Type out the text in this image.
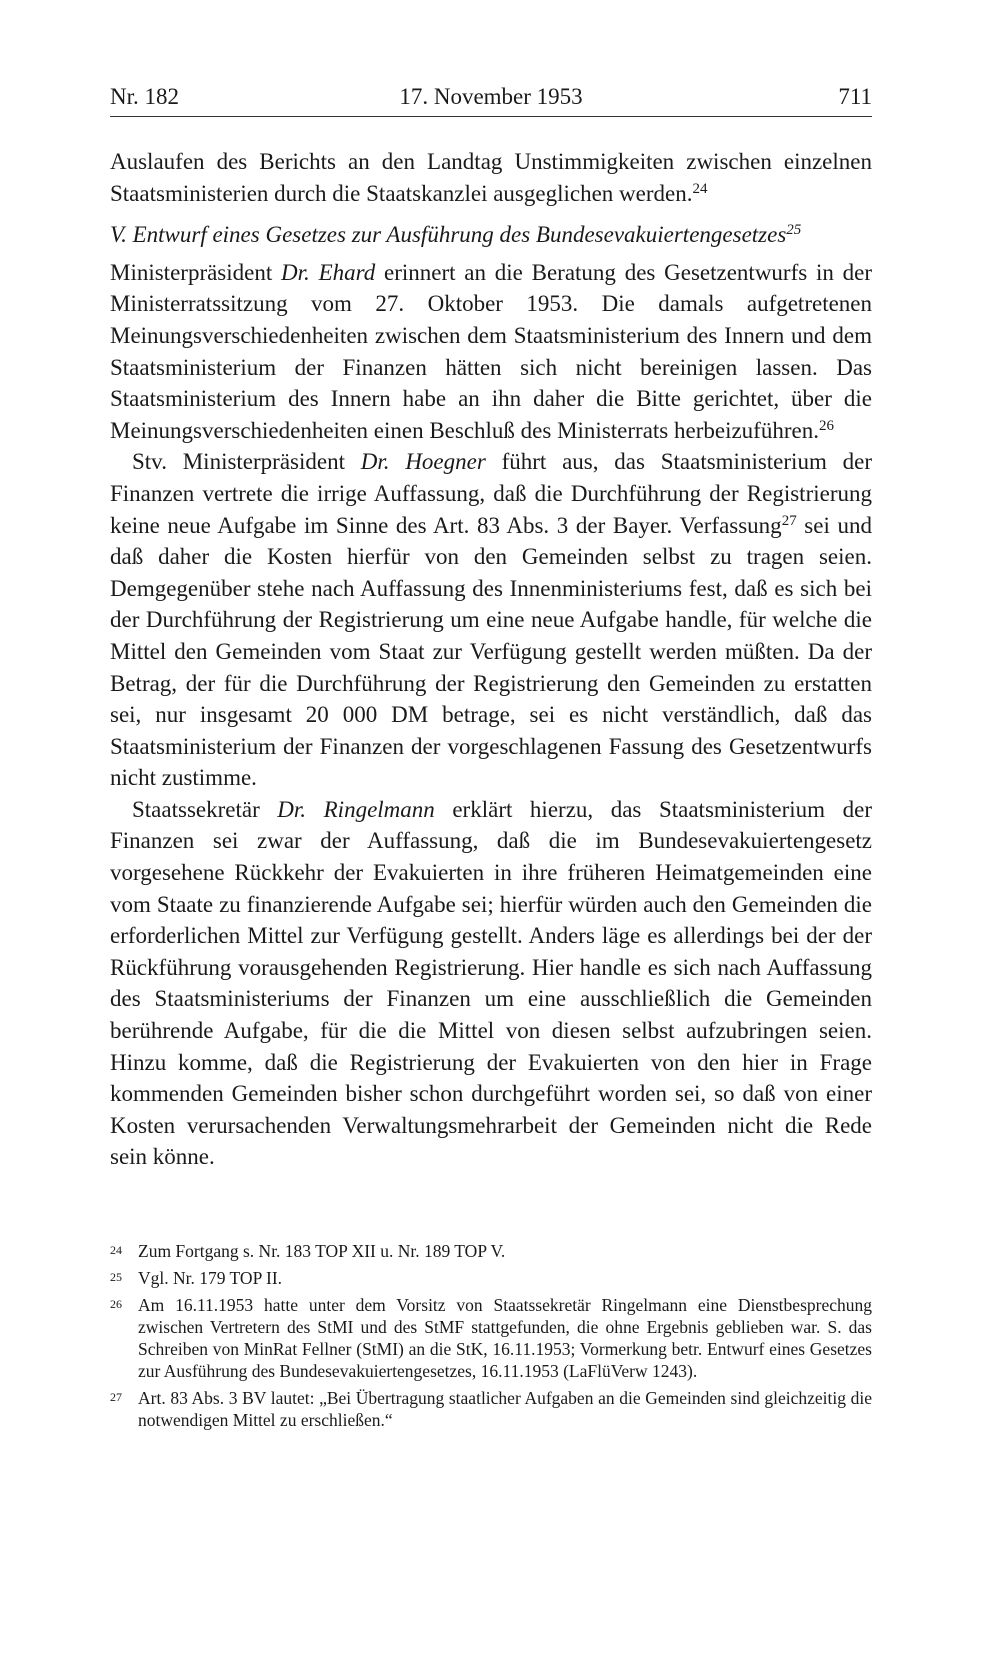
Nr. 182	17. November 1953	711

Auslaufen des Berichts an den Landtag Unstimmigkeiten zwischen einzelnen Staatsministerien durch die Staatskanzlei ausgeglichen werden.$^{24}$

V. Entwurf eines Gesetzes zur Ausführung des Bundesevakuiertengesetzes$^{25}$

Ministerpräsident Dr. Ehard erinnert an die Beratung des Gesetzentwurfs in der Ministerratssitzung vom 27. Oktober 1953. Die damals aufgetretenen Meinungsverschiedenheiten zwischen dem Staatsministerium des Innern und dem Staatsministerium der Finanzen hätten sich nicht bereinigen lassen. Das Staatsministerium des Innern habe an ihn daher die Bitte gerichtet, über die Meinungsverschiedenheiten einen Beschluß des Ministerrats herbeizuführen.$^{26}$

Stv. Ministerpräsident Dr. Hoegner führt aus, das Staatsministerium der Finanzen vertrete die irrige Auffassung, daß die Durchführung der Registrierung keine neue Aufgabe im Sinne des Art. 83 Abs. 3 der Bayer. Verfassung$^{27}$ sei und daß daher die Kosten hierfür von den Gemeinden selbst zu tragen seien. Demgegenüber stehe nach Auffassung des Innenministeriums fest, daß es sich bei der Durchführung der Registrierung um eine neue Aufgabe handle, für welche die Mittel den Gemeinden vom Staat zur Verfügung gestellt werden müßten. Da der Betrag, der für die Durchführung der Registrierung den Gemeinden zu erstatten sei, nur insgesamt 20 000 DM betrage, sei es nicht verständlich, daß das Staatsministerium der Finanzen der vorgeschlagenen Fassung des Gesetzentwurfs nicht zustimme.

Staatssekretär Dr. Ringelmann erklärt hierzu, das Staatsministerium der Finanzen sei zwar der Auffassung, daß die im Bundesevakuiertengesetz vorgesehene Rückkehr der Evakuierten in ihre früheren Heimatgemeinden eine vom Staate zu finanzierende Aufgabe sei; hierfür würden auch den Gemeinden die erforderlichen Mittel zur Verfügung gestellt. Anders läge es allerdings bei der der Rückführung vorausgehenden Registrierung. Hier handle es sich nach Auffassung des Staatsministeriums der Finanzen um eine ausschließlich die Gemeinden berührende Aufgabe, für die die Mittel von diesen selbst aufzubringen seien. Hinzu komme, daß die Registrierung der Evakuierten von den hier in Frage kommenden Gemeinden bisher schon durchgeführt worden sei, so daß von einer Kosten verursachenden Verwaltungsmehrarbeit der Gemeinden nicht die Rede sein könne.

24 Zum Fortgang s. Nr. 183 TOP XII u. Nr. 189 TOP V.
25 Vgl. Nr. 179 TOP II.
26 Am 16.11.1953 hatte unter dem Vorsitz von Staatssekretär Ringelmann eine Dienstbesprechung zwischen Vertretern des StMI und des StMF stattgefunden, die ohne Ergebnis geblieben war. S. das Schreiben von MinRat Fellner (StMI) an die StK, 16.11.1953; Vormerkung betr. Entwurf eines Gesetzes zur Ausführung des Bundesevakuiertengesetzes, 16.11.1953 (LaFlüVerw 1243).
27 Art. 83 Abs. 3 BV lautet: „Bei Übertragung staatlicher Aufgaben an die Gemeinden sind gleichzeitig die notwendigen Mittel zu erschließen.“
